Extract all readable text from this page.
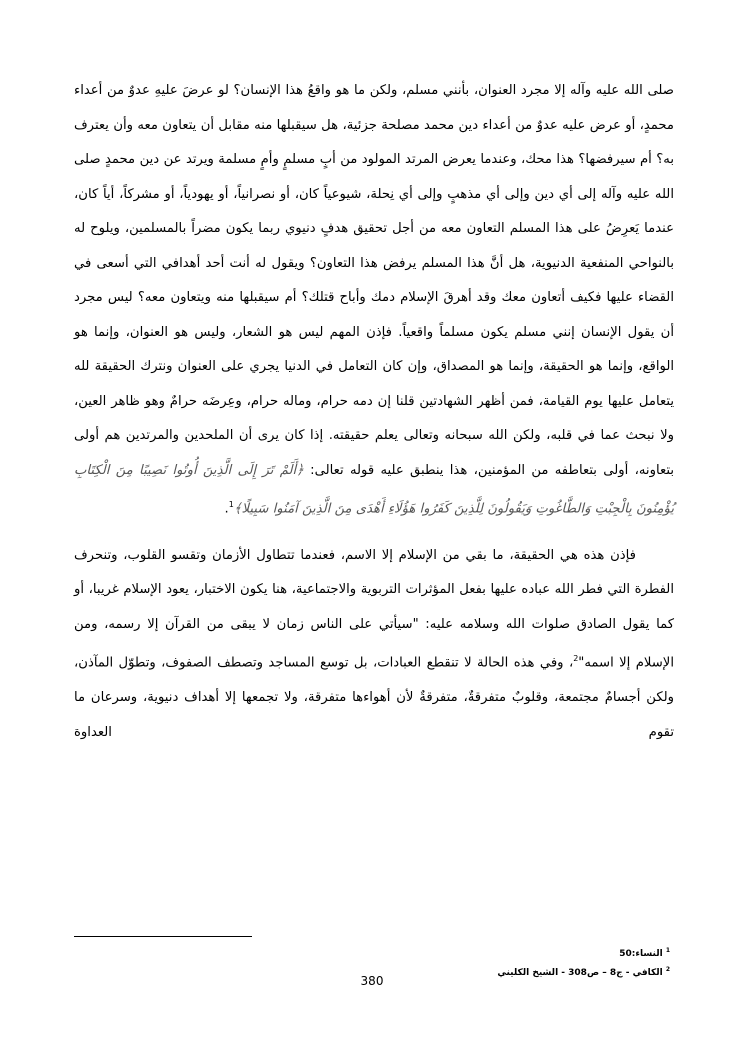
صلى الله عليه وآله إلا مجرد العنوان، بأنني مسلم، ولكن ما هو واقعُ هذا الإنسان؟ لو عرضَ عليهِ عدوٌ من أعداء محمدٍ، أو عرض عليه عدوٌ من أعداء دين محمد مصلحة جزئية، هل سيقبلها منه مقابل أن يتعاون معه وأن يعترف به؟ أم سيرفضها؟ هذا محك، وعندما يعرض المرتد المولود من أبٍ مسلمٍ وأمٍ مسلمة ويرتد عن دين محمدٍ صلى الله عليه وآله إلى أي دين وإلى أي مذهبٍ وإلى أي نِحلة، شيوعياً كان، أو نصرانياً، أو يهودياً، أو مشركاً، أياً كان، عندما يَعرِضُ على هذا المسلم التعاون معه من أجل تحقيق هدفٍ دنيوي ربما يكون مضراً بالمسلمين، ويلوح له بالنواحي المنفعية الدنيوية، هل أنَّ هذا المسلم يرفض هذا التعاون؟ ويقول له أنت أحد أهدافي التي أسعى في القضاء عليها فكيف أتعاون معك وقد أهرقَ الإسلام دمك وأباح قتلك؟ أم سيقبلها منه ويتعاون معه؟ ليس مجرد أن يقول الإنسان إنني مسلم يكون مسلماً واقعياً. فإذن المهم ليس هو الشعار، وليس هو العنوان، وإنما هو الواقع، وإنما هو الحقيقة، وإنما هو المصداق، وإن كان التعامل في الدنيا يجري على العنوان ونترك الحقيقة لله يتعامل عليها يوم القيامة، فمن أظهر الشهادتين قلنا إن دمه حرام، وماله حرام، وعِرضَه حرامٌ وهو ظاهر العين، ولا نبحث عما في قلبه، ولكن الله سبحانه وتعالى يعلم حقيقته. إذا كان يرى أن الملحدين والمرتدين هم أولى بتعاونه، أولى بتعاطفه من المؤمنين، هذا ينطبق عليه قوله تعالى: ﴿أَلَمْ تَرَ إِلَى الَّذِينَ أُوتُوا نَصِيبًا مِنَ الْكِتَابِ يُؤْمِنُونَ بِالْجِبْتِ وَالطَّاغُوتِ وَيَقُولُونَ لِلَّذِينَ كَفَرُوا هَؤُلَاءِ أَهْدَى مِنَ الَّذِينَ آمَنُوا سَبِيلًا﴾$^1$.

فإذن هذه هي الحقيقة، ما بقي من الإسلام إلا الاسم، فعندما تتطاول الأزمان وتقسو القلوب، وتنحرف الفطرة التي فطر الله عباده عليها بفعل المؤثرات التربوية والاجتماعية، هنا يكون الاختبار، يعود الإسلام غريبا، أو كما يقول الصادق صلوات الله وسلامه عليه: "سيأتي على الناس زمان لا يبقى من القرآن إلا رسمه، ومن الإسلام إلا اسمه"$^2$، وفي هذه الحالة لا تنقطع العبادات، بل توسع المساجد وتصطف الصفوف، وتطوّل المآذن، ولكن أجسامٌ مجتمعة، وقلوبٌ متفرقةٌ، متفرقةٌ لأن أهواءها متفرقة، ولا تجمعها إلا أهداف دنيوية، وسرعان ما تقوم العداوة

$^1$ النساء:50
$^2$ الكافي - ج8 – ص308 - الشيخ الكليني
380
